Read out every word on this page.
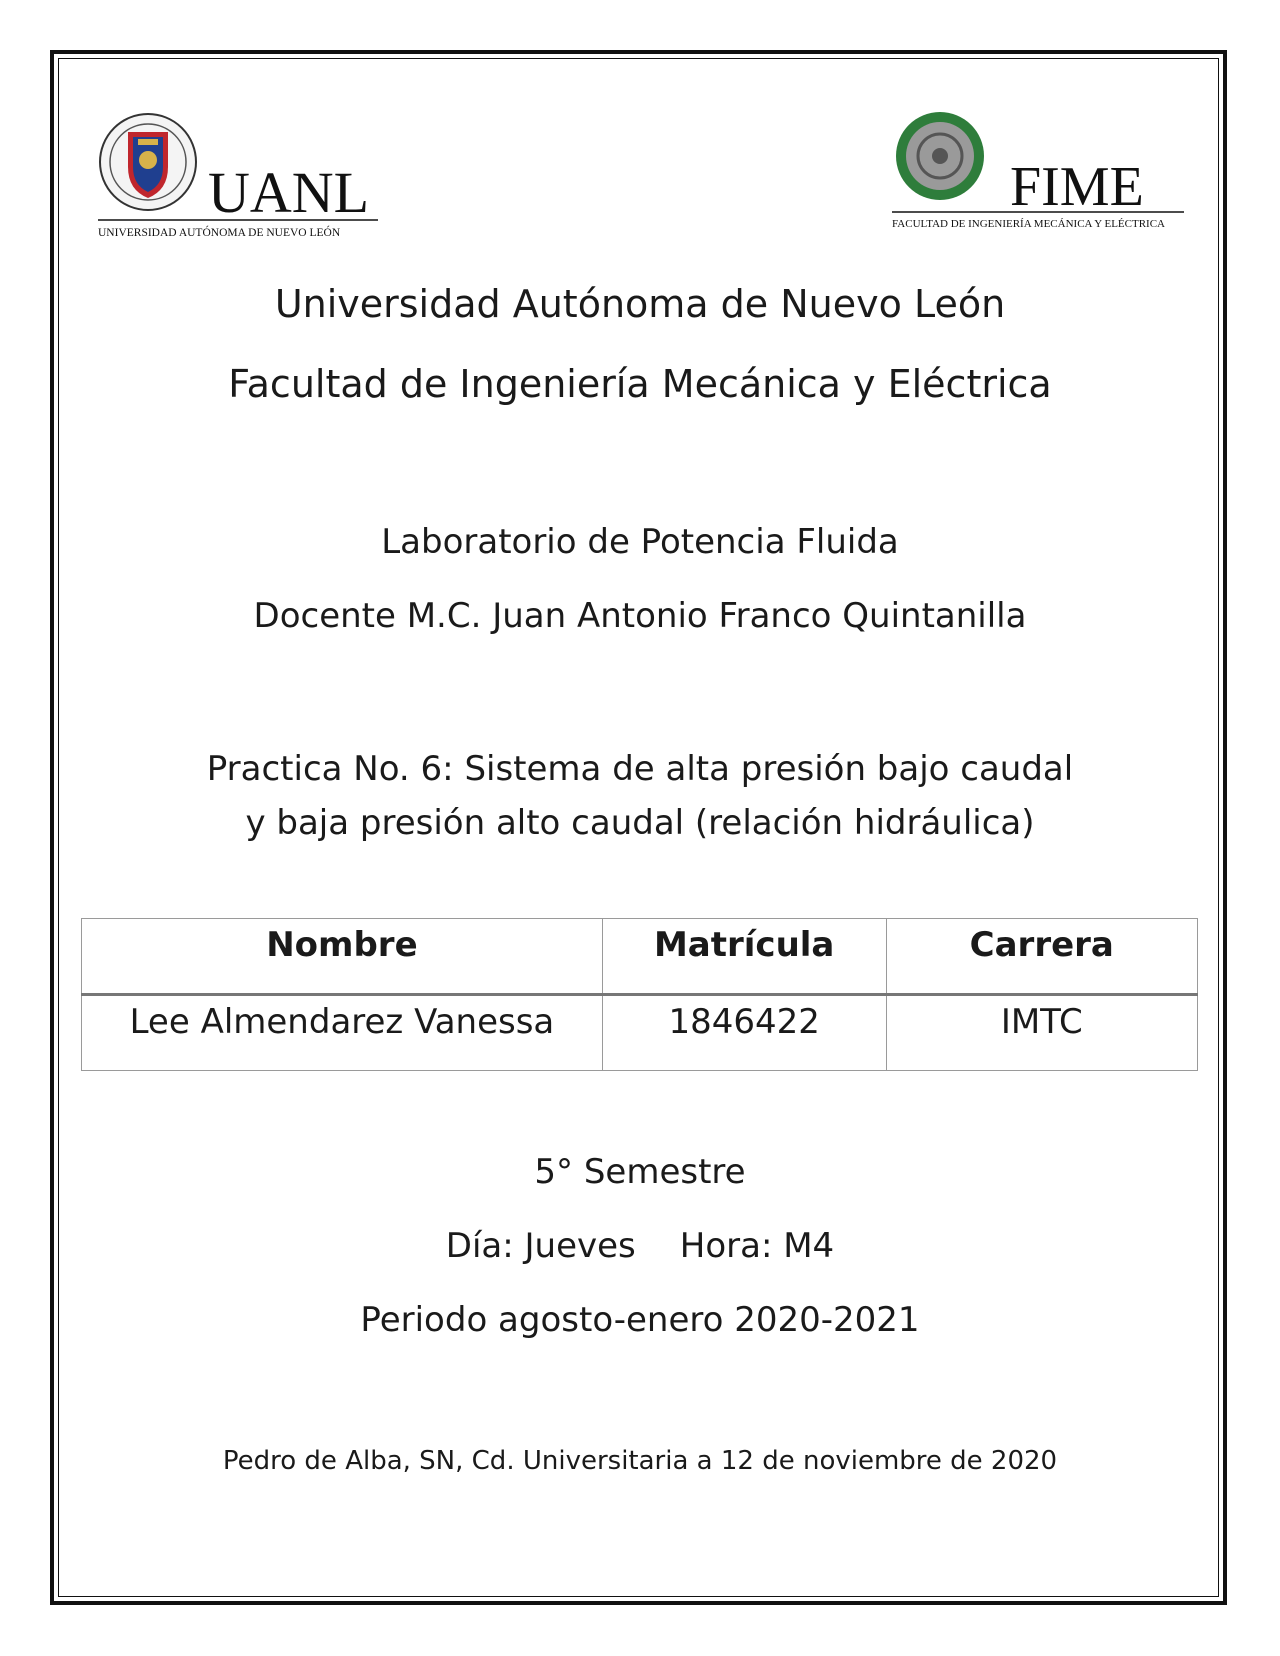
UANL
UNIVERSIDAD AUTÓNOMA DE NUEVO LEÓN
FIME
FACULTAD DE INGENIERÍA MECÁNICA Y ELÉCTRICA
Universidad Autónoma de Nuevo León
Facultad de Ingeniería Mecánica y Eléctrica
Laboratorio de Potencia Fluida
Docente M.C. Juan Antonio Franco Quintanilla
Practica No. 6: Sistema de alta presión bajo caudal y baja presión alto caudal (relación hidráulica)
Nombre	Matrícula	Carrera
Lee Almendarez Vanessa	1846422	IMTC
5° Semestre
Día: Jueves Hora: M4
Periodo agosto-enero 2020-2021
Pedro de Alba, SN, Cd. Universitaria a 12 de noviembre de 2020
